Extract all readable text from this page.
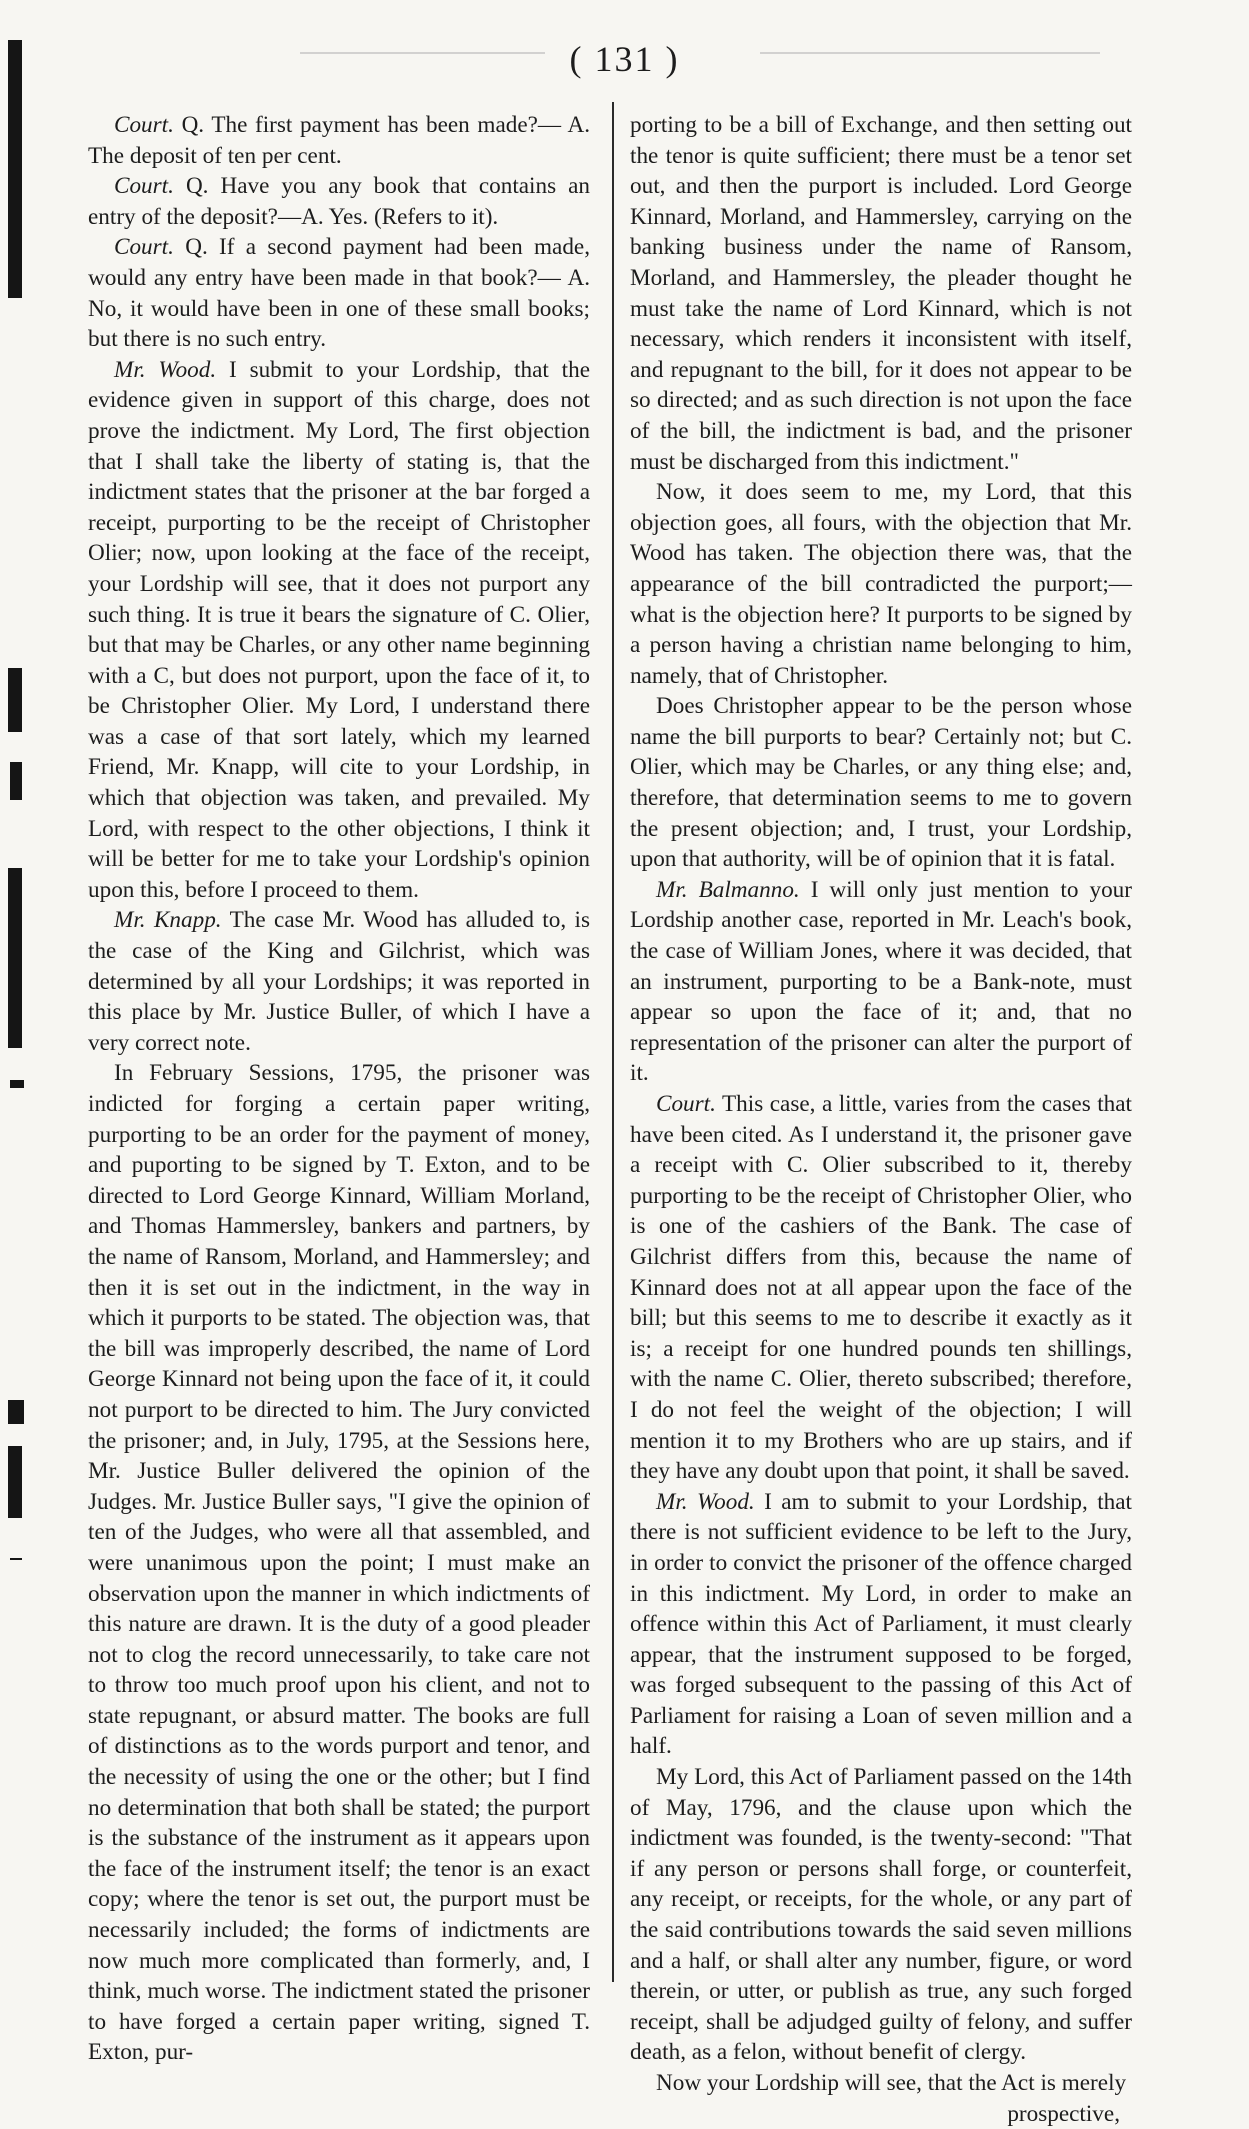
( 131 )

Court. Q. The first payment has been made?— A. The deposit of ten per cent.

Court. Q. Have you any book that contains an entry of the deposit?—A. Yes. (Refers to it).

Court. Q. If a second payment had been made, would any entry have been made in that book?— A. No, it would have been in one of these small books; but there is no such entry.

Mr. Wood. I submit to your Lordship, that the evidence given in support of this charge, does not prove the indictment. My Lord, The first objection that I shall take the liberty of stating is, that the indictment states that the prisoner at the bar forged a receipt, purporting to be the receipt of Christopher Olier; now, upon looking at the face of the receipt, your Lordship will see, that it does not purport any such thing. It is true it bears the signature of C. Olier, but that may be Charles, or any other name beginning with a C, but does not purport, upon the face of it, to be Christopher Olier. My Lord, I understand there was a case of that sort lately, which my learned Friend, Mr. Knapp, will cite to your Lordship, in which that objection was taken, and prevailed. My Lord, with respect to the other objections, I think it will be better for me to take your Lordship's opinion upon this, before I proceed to them.

Mr. Knapp. The case Mr. Wood has alluded to, is the case of the King and Gilchrist, which was determined by all your Lordships; it was reported in this place by Mr. Justice Buller, of which I have a very correct note.

In February Sessions, 1795, the prisoner was indicted for forging a certain paper writing, purporting to be an order for the payment of money, and puporting to be signed by T. Exton, and to be directed to Lord George Kinnard, William Morland, and Thomas Hammersley, bankers and partners, by the name of Ransom, Morland, and Hammersley; and then it is set out in the indictment, in the way in which it purports to be stated. The objection was, that the bill was improperly described, the name of Lord George Kinnard not being upon the face of it, it could not purport to be directed to him. The Jury convicted the prisoner; and, in July, 1795, at the Sessions here, Mr. Justice Buller delivered the opinion of the Judges. Mr. Justice Buller says, "I give the opinion of ten of the Judges, who were all that assembled, and were unanimous upon the point; I must make an observation upon the manner in which indictments of this nature are drawn. It is the duty of a good pleader not to clog the record unnecessarily, to take care not to throw too much proof upon his client, and not to state repugnant, or absurd matter. The books are full of distinctions as to the words purport and tenor, and the necessity of using the one or the other; but I find no determination that both shall be stated; the purport is the substance of the instrument as it appears upon the face of the instrument itself; the tenor is an exact copy; where the tenor is set out, the purport must be necessarily included; the forms of indictments are now much more complicated than formerly, and, I think, much worse. The indictment stated the prisoner to have forged a certain paper writing, signed T. Exton, pur-

porting to be a bill of Exchange, and then setting out the tenor is quite sufficient; there must be a tenor set out, and then the purport is included. Lord George Kinnard, Morland, and Hammersley, carrying on the banking business under the name of Ransom, Morland, and Hammersley, the pleader thought he must take the name of Lord Kinnard, which is not necessary, which renders it inconsistent with itself, and repugnant to the bill, for it does not appear to be so directed; and as such direction is not upon the face of the bill, the indictment is bad, and the prisoner must be discharged from this indictment."

Now, it does seem to me, my Lord, that this objection goes, all fours, with the objection that Mr. Wood has taken. The objection there was, that the appearance of the bill contradicted the purport;—what is the objection here? It purports to be signed by a person having a christian name belonging to him, namely, that of Christopher.

Does Christopher appear to be the person whose name the bill purports to bear? Certainly not; but C. Olier, which may be Charles, or any thing else; and, therefore, that determination seems to me to govern the present objection; and, I trust, your Lordship, upon that authority, will be of opinion that it is fatal.

Mr. Balmanno. I will only just mention to your Lordship another case, reported in Mr. Leach's book, the case of William Jones, where it was decided, that an instrument, purporting to be a Bank-note, must appear so upon the face of it; and, that no representation of the prisoner can alter the purport of it.

Court. This case, a little, varies from the cases that have been cited. As I understand it, the prisoner gave a receipt with C. Olier subscribed to it, thereby purporting to be the receipt of Christopher Olier, who is one of the cashiers of the Bank. The case of Gilchrist differs from this, because the name of Kinnard does not at all appear upon the face of the bill; but this seems to me to describe it exactly as it is; a receipt for one hundred pounds ten shillings, with the name C. Olier, thereto subscribed; therefore, I do not feel the weight of the objection; I will mention it to my Brothers who are up stairs, and if they have any doubt upon that point, it shall be saved.

Mr. Wood. I am to submit to your Lordship, that there is not sufficient evidence to be left to the Jury, in order to convict the prisoner of the offence charged in this indictment. My Lord, in order to make an offence within this Act of Parliament, it must clearly appear, that the instrument supposed to be forged, was forged subsequent to the passing of this Act of Parliament for raising a Loan of seven million and a half.

My Lord, this Act of Parliament passed on the 14th of May, 1796, and the clause upon which the indictment was founded, is the twenty-second: "That if any person or persons shall forge, or counterfeit, any receipt, or receipts, for the whole, or any part of the said contributions towards the said seven millions and a half, or shall alter any number, figure, or word therein, or utter, or publish as true, any such forged receipt, shall be adjudged guilty of felony, and suffer death, as a felon, without benefit of clergy.

Now your Lordship will see, that the Act is merely

prospective,
